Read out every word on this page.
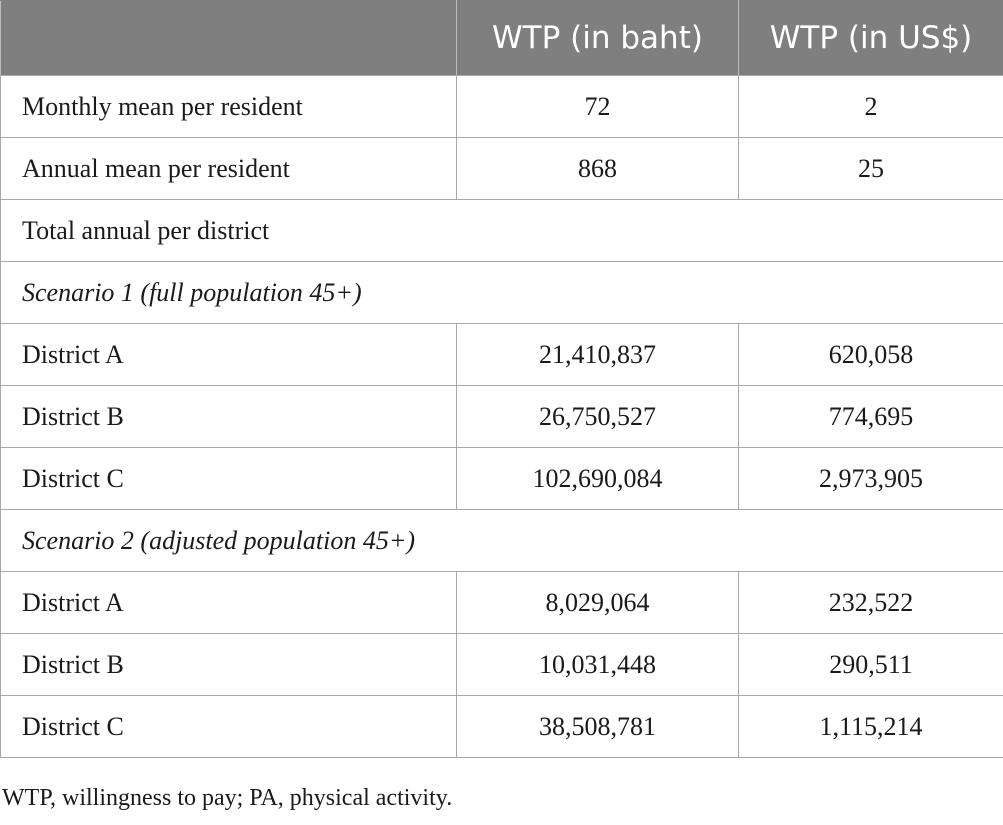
	WTP (in baht)	WTP (in US$)
Monthly mean per resident	72	2
Annual mean per resident	868	25
Total annual per district		
Scenario 1 (full population 45+)		
District A	21,410,837	620,058
District B	26,750,527	774,695
District C	102,690,084	2,973,905
Scenario 2 (adjusted population 45+)		
District A	8,029,064	232,522
District B	10,031,448	290,511
District C	38,508,781	1,115,214

WTP, willingness to pay; PA, physical activity.
